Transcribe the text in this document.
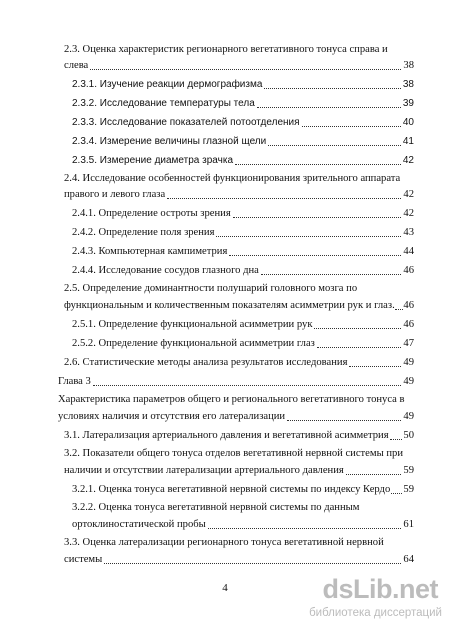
2.3. Оценка характеристик регионарного вегетативного тонуса справа и
слева	38
2.3.1. Изучение реакции дермографизма	38
2.3.2. Исследование температуры тела	39
2.3.3. Исследование показателей потоотделения	40
2.3.4. Измерение величины глазной щели	41
2.3.5. Измерение диаметра зрачка	42
2.4. Исследование особенностей функционирования зрительного аппарата
правого и левого глаза	42
2.4.1. Определение остроты зрения	42
2.4.2. Определение поля зрения	43
2.4.3. Компьютерная кампиметрия	44
2.4.4. Исследование сосудов глазного дна	46
2.5. Определение доминантности полушарий головного мозга по
функциональным и количественным показателям асимметрии рук и глаз. 46
2.5.1. Определение функциональной асимметрии рук	46
2.5.2. Определение функциональной асимметрии глаз	47
2.6. Статистические методы анализа результатов исследования	49
Глава 3	49
Характеристика параметров общего и регионального вегетативного тонуса в
условиях наличия и отсутствия его латерализации	49
3.1. Латерализация артериального давления и вегетативной асимметрия 50
3.2. Показатели общего тонуса отделов вегетативной нервной системы при
наличии и отсутствии латерализации артериального давления	59
3.2.1. Оценка тонуса вегетативной нервной системы по индексу Кердо 59
3.2.2. Оценка тонуса вегетативной нервной системы по данным
ортоклиностатической пробы	61
3.3. Оценка латерализации регионарного тонуса вегетативной нервной
системы	64
4	dsLib.net
библиотека диссертаций
